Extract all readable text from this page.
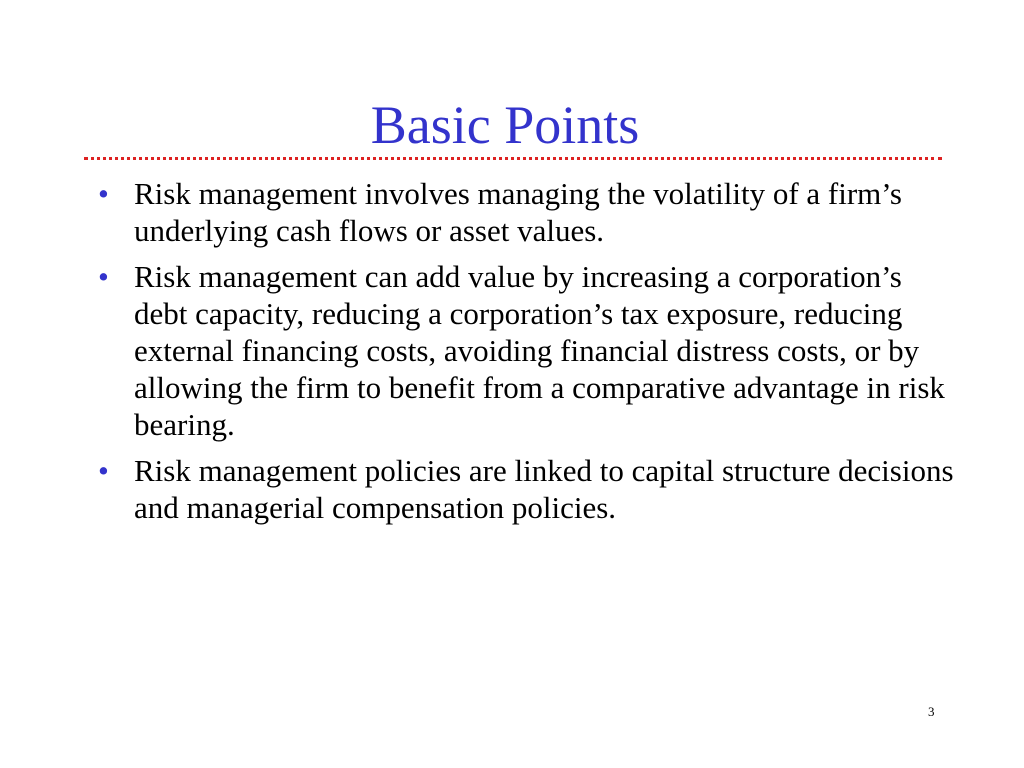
Basic Points
• Risk management involves managing the volatility of a firm’s underlying cash flows or asset values.
• Risk management can add value by increasing a corporation’s debt capacity, reducing a corporation’s tax exposure, reducing external financing costs, avoiding financial distress costs, or by allowing the firm to benefit from a comparative advantage in risk bearing.
• Risk management policies are linked to capital structure decisions and managerial compensation policies.
3
